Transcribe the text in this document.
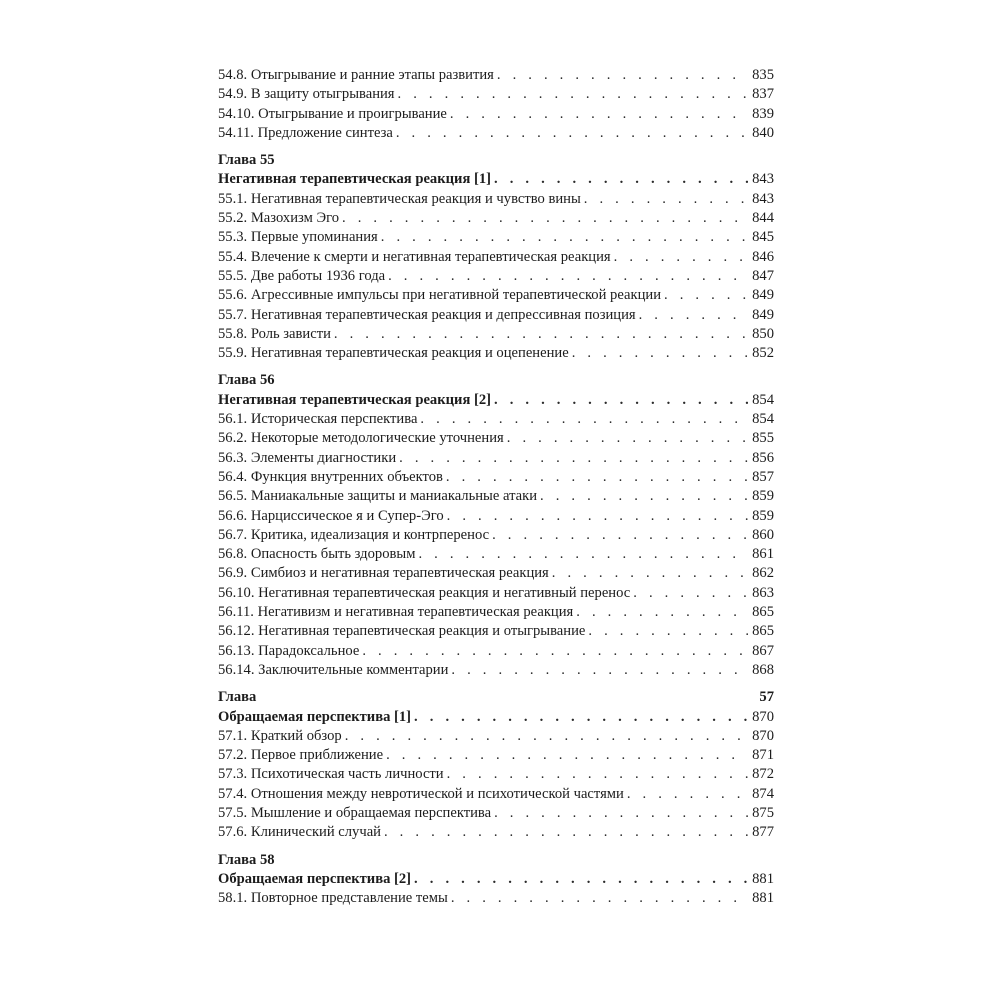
54.8. Отыгрывание и ранние этапы развития . . .	835
54.9. В защиту отыгрывания . . .	837
54.10. Отыгрывание и проигрывание . . .	839
54.11. Предложение синтеза . . .	840
Глава 55
Негативная терапевтическая реакция [1] . . .	843
55.1. Негативная терапевтическая реакция и чувство вины . . .	843
55.2. Мазохизм Эго . . .	844
55.3. Первые упоминания . . .	845
55.4. Влечение к смерти и негативная терапевтическая реакция . . .	846
55.5. Две работы 1936 года . . .	847
55.6. Агрессивные импульсы при негативной терапевтической реакции . . .	849
55.7. Негативная терапевтическая реакция и депрессивная позиция . . .	849
55.8. Роль зависти . . .	850
55.9. Негативная терапевтическая реакция и оцепенение . . .	852
Глава 56
Негативная терапевтическая реакция [2] . . .	854
56.1. Историческая перспектива . . .	854
56.2. Некоторые методологические уточнения . . .	855
56.3. Элементы диагностики . . .	856
56.4. Функция внутренних объектов . . .	857
56.5. Маниакальные защиты и маниакальные атаки . . .	859
56.6. Нарциссическое я и Супер-Эго . . .	859
56.7. Критика, идеализация и контрперенос . . .	860
56.8. Опасность быть здоровым . . .	861
56.9. Симбиоз и негативная терапевтическая реакция . . .	862
56.10. Негативная терапевтическая реакция и негативный перенос . . .	863
56.11. Негативизм и негативная терапевтическая реакция . . .	865
56.12. Негативная терапевтическая реакция и отыгрывание . . .	865
56.13. Парадоксальное . . .	867
56.14. Заключительные комментарии . . .	868
Глава	57
Обращаемая перспектива [1] . . .	870
57.1. Краткий обзор . . .	870
57.2. Первое приближение . . .	871
57.3. Психотическая часть личности . . .	872
57.4. Отношения между невротической и психотической частями . . .	874
57.5. Мышление и обращаемая перспектива . . .	875
57.6. Клинический случай . . .	877
Глава 58
Обращаемая перспектива [2] . . .	881
58.1. Повторное представление темы . . .	881
